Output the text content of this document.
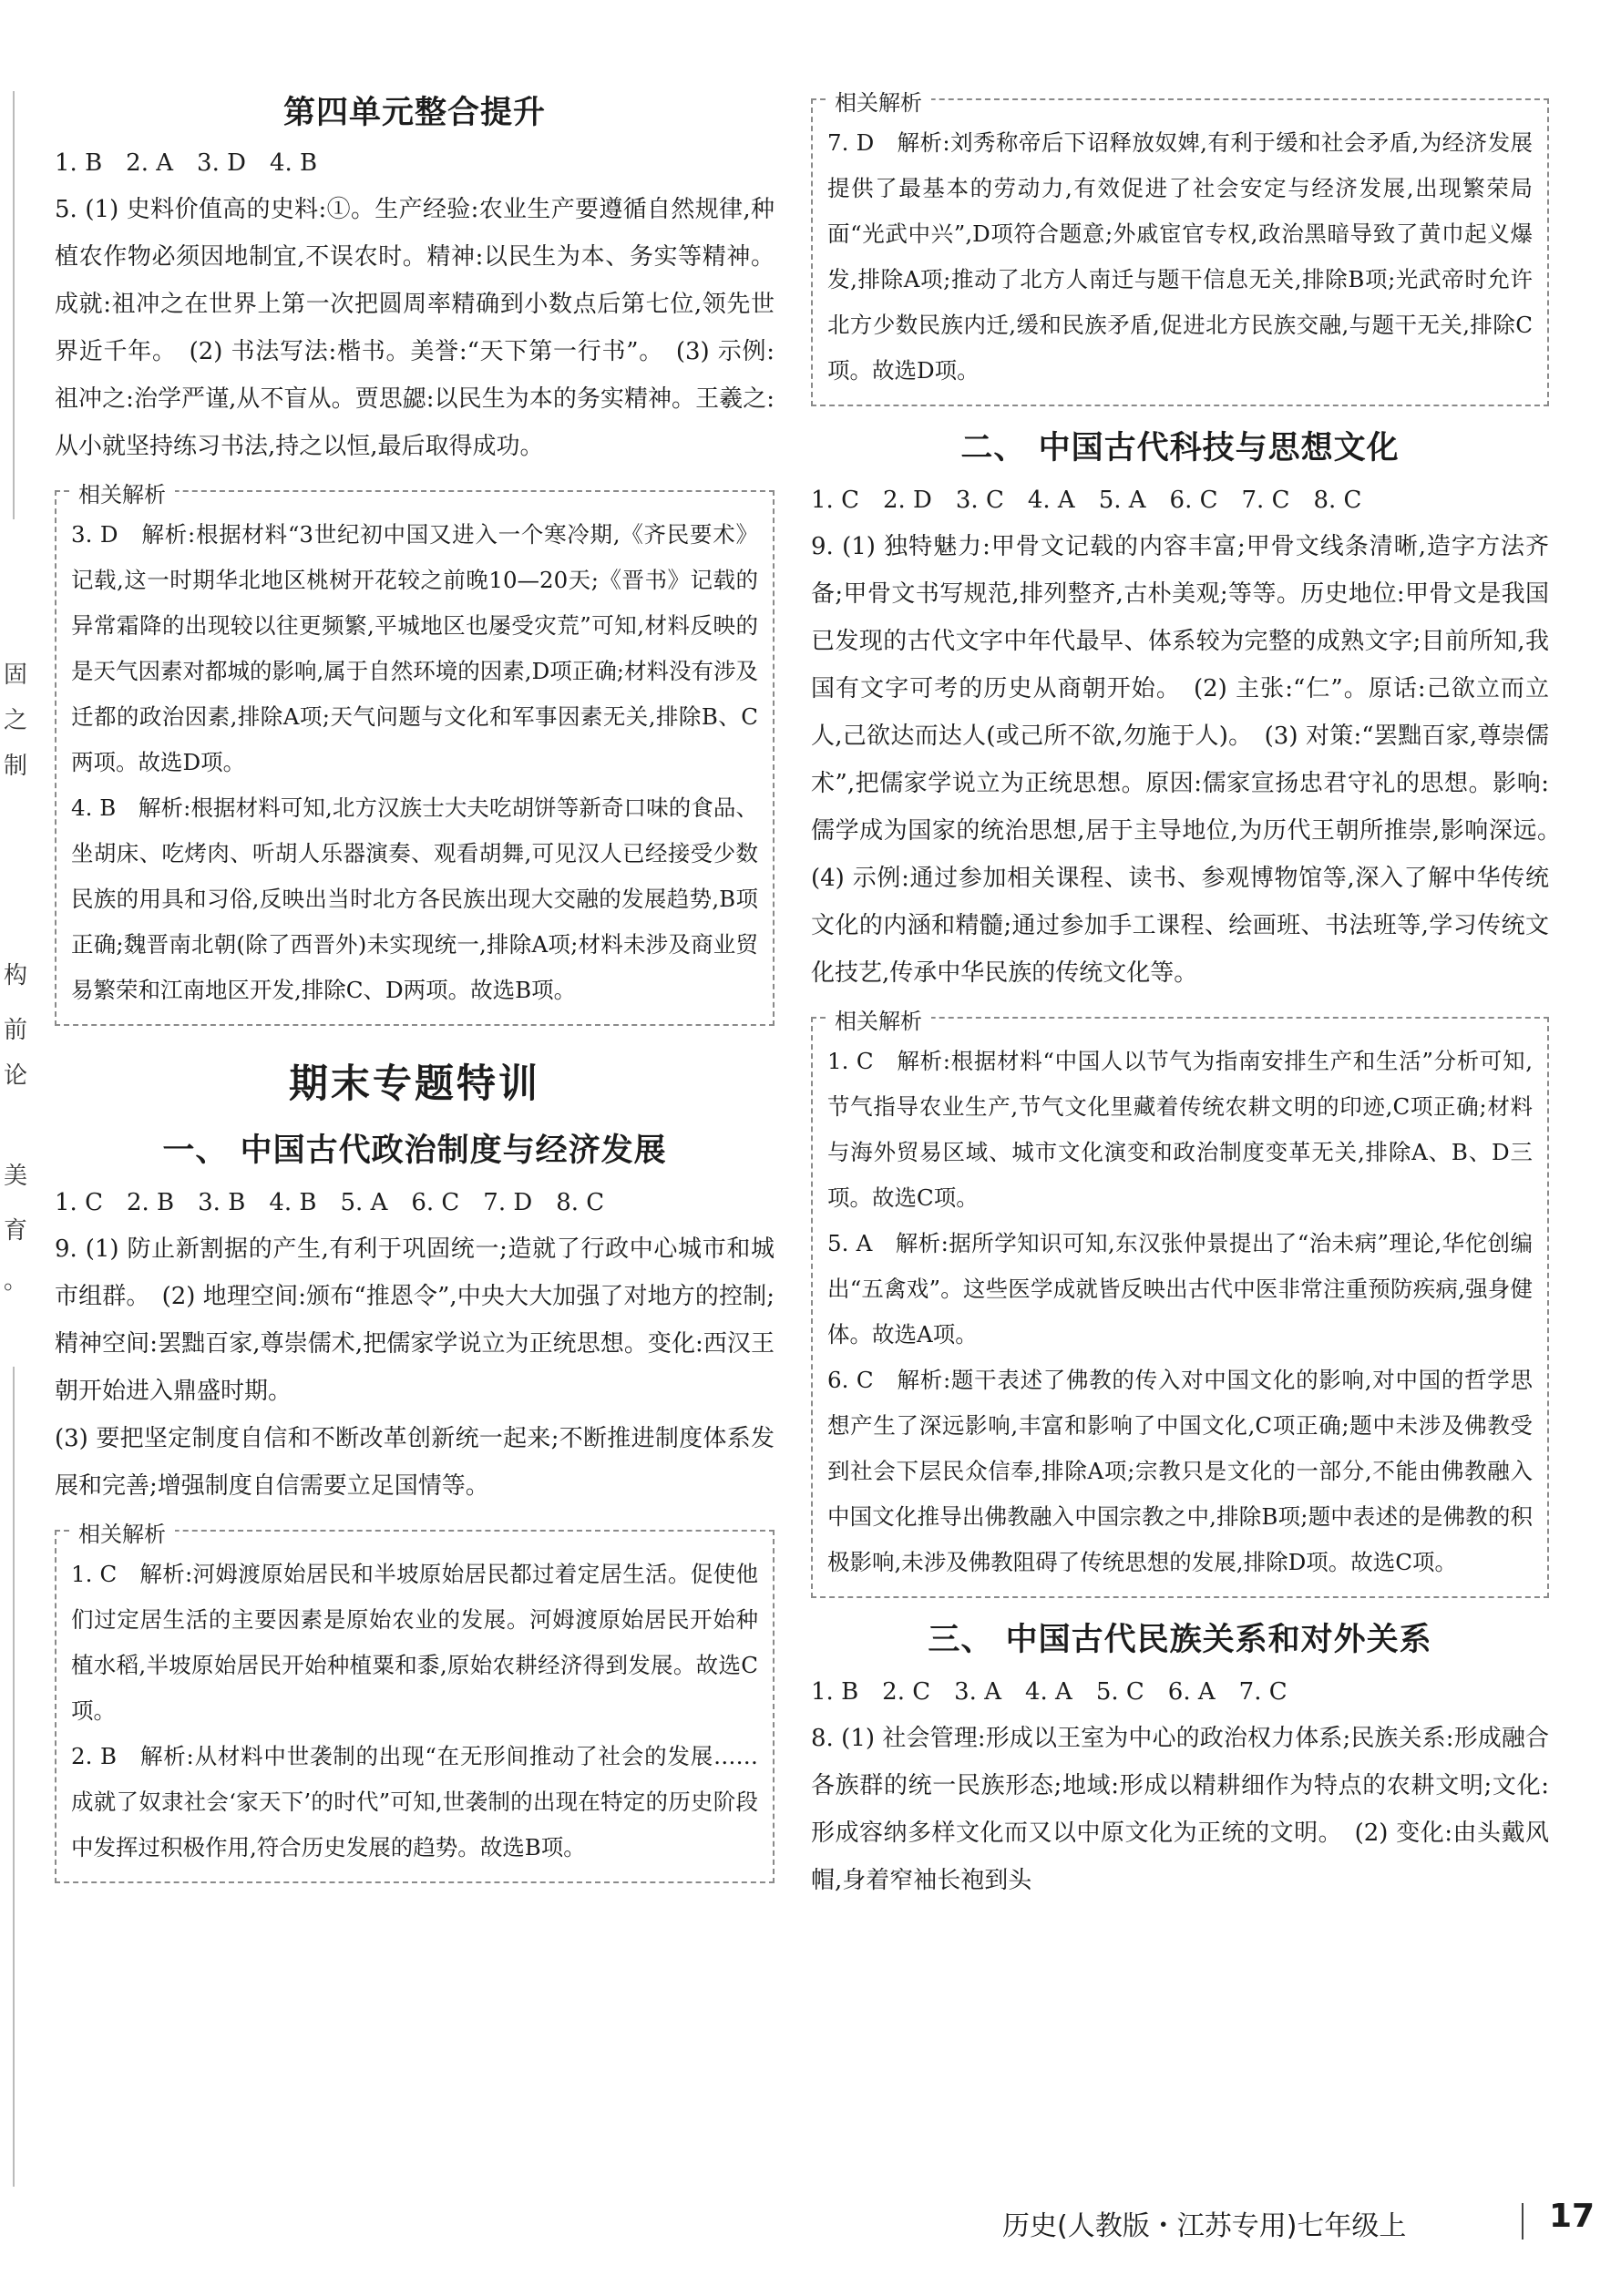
固
之
制
构
前
论
美
育
。
第四单元整合提升
1. B　2. A　3. D　4. B

5. (1) 史料价值高的史料:①。生产经验:农业生产要遵循自然规律,种植农作物必须因地制宜,不误农时。精神:以民生为本、务实等精神。成就:祖冲之在世界上第一次把圆周率精确到小数点后第七位,领先世界近千年。　(2) 书法写法:楷书。美誉:“天下第一行书”。　(3) 示例:祖冲之:治学严谨,从不盲从。贾思勰:以民生为本的务实精神。王羲之:从小就坚持练习书法,持之以恒,最后取得成功。

相关解析

3. D　解析:根据材料“3世纪初中国又进入一个寒冷期,《齐民要术》记载,这一时期华北地区桃树开花较之前晚10—20天;《晋书》记载的异常霜降的出现较以往更频繁,平城地区也屡受灾荒”可知,材料反映的是天气因素对都城的影响,属于自然环境的因素,D项正确;材料没有涉及迁都的政治因素,排除A项;天气问题与文化和军事因素无关,排除B、C两项。故选D项。

4. B　解析:根据材料可知,北方汉族士大夫吃胡饼等新奇口味的食品、坐胡床、吃烤肉、听胡人乐器演奏、观看胡舞,可见汉人已经接受少数民族的用具和习俗,反映出当时北方各民族出现大交融的发展趋势,B项正确;魏晋南北朝(除了西晋外)未实现统一,排除A项;材料未涉及商业贸易繁荣和江南地区开发,排除C、D两项。故选B项。

期末专题特训
一、 中国古代政治制度与经济发展
1. C　2. B　3. B　4. B　5. A　6. C　7. D　8. C

9. (1) 防止新割据的产生,有利于巩固统一;造就了行政中心城市和城市组群。　(2) 地理空间:颁布“推恩令”,中央大大加强了对地方的控制;精神空间:罢黜百家,尊崇儒术,把儒家学说立为正统思想。变化:西汉王朝开始进入鼎盛时期。

(3) 要把坚定制度自信和不断改革创新统一起来;不断推进制度体系发展和完善;增强制度自信需要立足国情等。

相关解析

1. C　解析:河姆渡原始居民和半坡原始居民都过着定居生活。促使他们过定居生活的主要因素是原始农业的发展。河姆渡原始居民开始种植水稻,半坡原始居民开始种植粟和黍,原始农耕经济得到发展。故选C项。

2. B　解析:从材料中世袭制的出现“在无形间推动了社会的发展……成就了奴隶社会‘家天下’的时代”可知,世袭制的出现在特定的历史阶段中发挥过积极作用,符合历史发展的趋势。故选B项。

相关解析

7. D　解析:刘秀称帝后下诏释放奴婢,有利于缓和社会矛盾,为经济发展提供了最基本的劳动力,有效促进了社会安定与经济发展,出现繁荣局面“光武中兴”,D项符合题意;外戚宦官专权,政治黑暗导致了黄巾起义爆发,排除A项;推动了北方人南迁与题干信息无关,排除B项;光武帝时允许北方少数民族内迁,缓和民族矛盾,促进北方民族交融,与题干无关,排除C项。故选D项。

二、 中国古代科技与思想文化
1. C　2. D　3. C　4. A　5. A　6. C　7. C　8. C

9. (1) 独特魅力:甲骨文记载的内容丰富;甲骨文线条清晰,造字方法齐备;甲骨文书写规范,排列整齐,古朴美观;等等。历史地位:甲骨文是我国已发现的古代文字中年代最早、体系较为完整的成熟文字;目前所知,我国有文字可考的历史从商朝开始。　(2) 主张:“仁”。原话:己欲立而立人,己欲达而达人(或己所不欲,勿施于人)。　(3) 对策:“罢黜百家,尊崇儒术”,把儒家学说立为正统思想。原因:儒家宣扬忠君守礼的思想。影响:儒学成为国家的统治思想,居于主导地位,为历代王朝所推崇,影响深远。　(4) 示例:通过参加相关课程、读书、参观博物馆等,深入了解中华传统文化的内涵和精髓;通过参加手工课程、绘画班、书法班等,学习传统文化技艺,传承中华民族的传统文化等。

相关解析

1. C　解析:根据材料“中国人以节气为指南安排生产和生活”分析可知,节气指导农业生产,节气文化里藏着传统农耕文明的印迹,C项正确;材料与海外贸易区域、城市文化演变和政治制度变革无关,排除A、B、D三项。故选C项。

5. A　解析:据所学知识可知,东汉张仲景提出了“治未病”理论,华佗创编出“五禽戏”。这些医学成就皆反映出古代中医非常注重预防疾病,强身健体。故选A项。

6. C　解析:题干表述了佛教的传入对中国文化的影响,对中国的哲学思想产生了深远影响,丰富和影响了中国文化,C项正确;题中未涉及佛教受到社会下层民众信奉,排除A项;宗教只是文化的一部分,不能由佛教融入中国文化推导出佛教融入中国宗教之中,排除B项;题中表述的是佛教的积极影响,未涉及佛教阻碍了传统思想的发展,排除D项。故选C项。

三、 中国古代民族关系和对外关系
1. B　2. C　3. A　4. A　5. C　6. A　7. C

8. (1) 社会管理:形成以王室为中心的政治权力体系;民族关系:形成融合各族群的统一民族形态;地域:形成以精耕细作为特点的农耕文明;文化:形成容纳多样文化而又以中原文化为正统的文明。　(2) 变化:由头戴风帽,身着窄袖长袍到头

历史(人教版・江苏专用)七年级上	17
